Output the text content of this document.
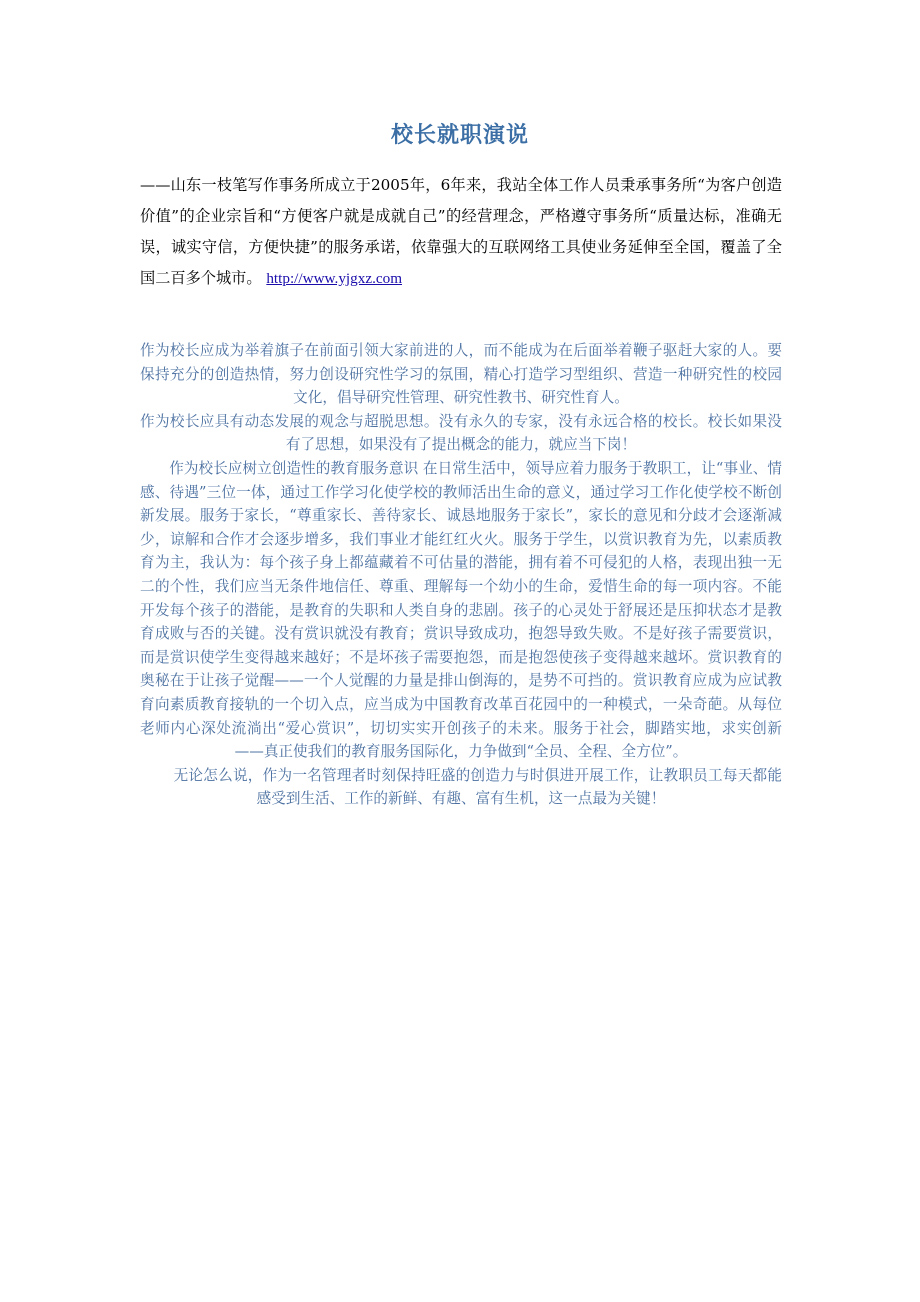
校长就职演说
——山东一枝笔写作事务所成立于2005年，6年来，我站全体工作人员秉承事务所“为客户创造价值”的企业宗旨和“方便客户就是成就自己”的经营理念，严格遵守事务所“质量达标，准确无误，诚实守信，方便快捷”的服务承诺，依靠强大的互联网络工具使业务延伸至全国，覆盖了全国二百多个城市。 http://www.yjgxz.com

作为校长应成为举着旗子在前面引领大家前进的人，而不能成为在后面举着鞭子驱赶大家的人。要保持充分的创造热情，努力创设研究性学习的氛围，精心打造学习型组织、营造一种研究性的校园文化，倡导研究性管理、研究性教书、研究性育人。

作为校长应具有动态发展的观念与超脱思想。没有永久的专家，没有永远合格的校长。校长如果没有了思想，如果没有了提出概念的能力，就应当下岗！

作为校长应树立创造性的教育服务意识 在日常生活中，领导应着力服务于教职工，让“事业、情感、待遇”三位一体，通过工作学习化使学校的教师活出生命的意义，通过学习工作化使学校不断创新发展。服务于家长，“尊重家长、善待家长、诚恳地服务于家长”，家长的意见和分歧才会逐渐减少，谅解和合作才会逐步增多，我们事业才能红红火火。服务于学生，以赏识教育为先，以素质教育为主，我认为：每个孩子身上都蕴藏着不可估量的潜能，拥有着不可侵犯的人格，表现出独一无二的个性，我们应当无条件地信任、尊重、理解每一个幼小的生命，爱惜生命的每一项内容。不能开发每个孩子的潜能，是教育的失职和人类自身的悲剧。孩子的心灵处于舒展还是压抑状态才是教育成败与否的关键。没有赏识就没有教育；赏识导致成功，抱怨导致失败。不是好孩子需要赏识，而是赏识使学生变得越来越好；不是坏孩子需要抱怨，而是抱怨使孩子变得越来越坏。赏识教育的奥秘在于让孩子觉醒——一个人觉醒的力量是排山倒海的，是势不可挡的。赏识教育应成为应试教育向素质教育接轨的一个切入点，应当成为中国教育改革百花园中的一种模式，一朵奇葩。从每位老师内心深处流淌出“爱心赏识”，切切实实开创孩子的未来。服务于社会，脚踏实地，求实创新——真正使我们的教育服务国际化，力争做到“全员、全程、全方位”。

无论怎么说，作为一名管理者时刻保持旺盛的创造力与时俱进开展工作，让教职员工每天都能感受到生活、工作的新鲜、有趣、富有生机，这一点最为关键！
